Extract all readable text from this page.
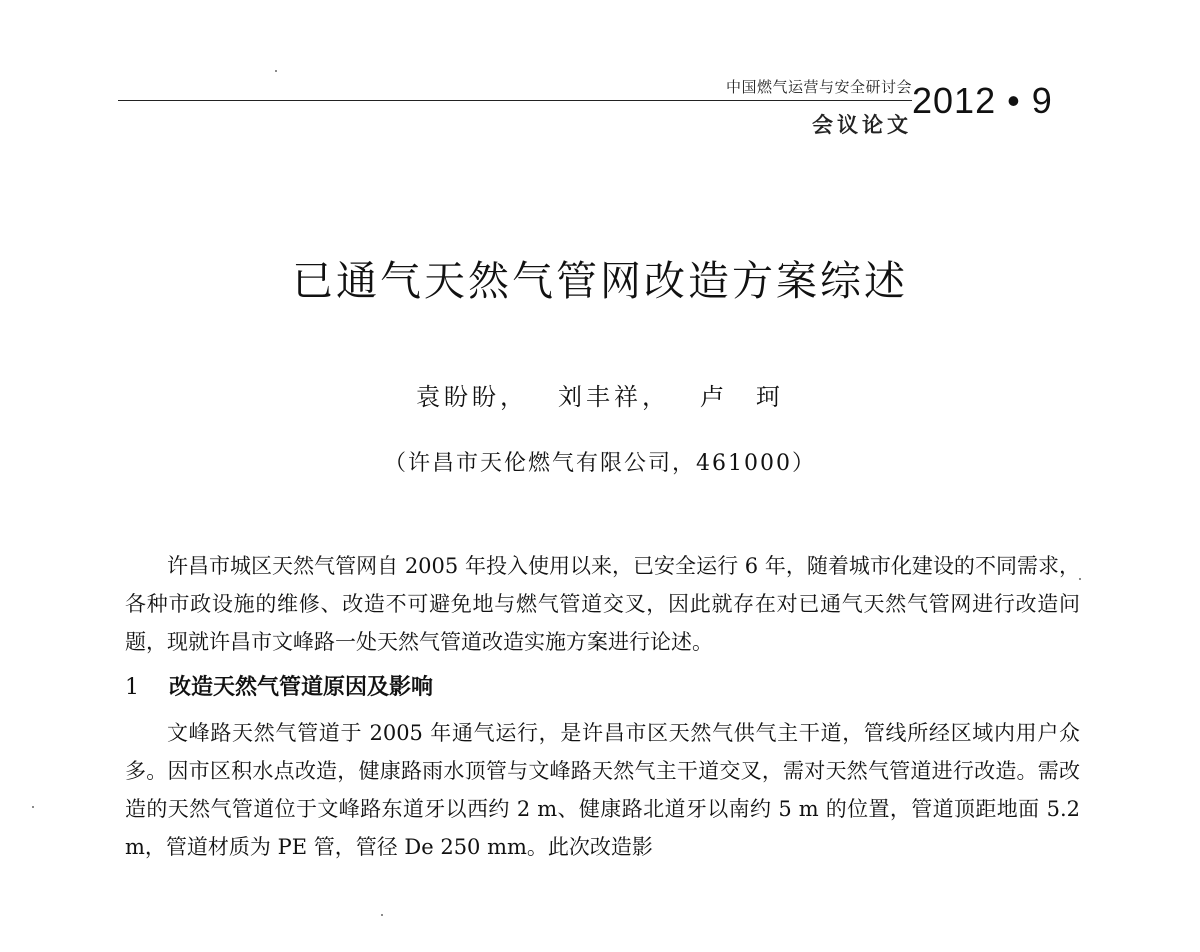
中国燃气运营与安全研讨会
会议论文
2012 • 9
已通气天然气管网改造方案综述
袁盼盼， 刘丰祥， 卢　珂
（许昌市天伦燃气有限公司，461000）

许昌市城区天然气管网自 2005 年投入使用以来，已安全运行 6 年，随着城市化建设的不同需求，各种市政设施的维修、改造不可避免地与燃气管道交叉，因此就存在对已通气天然气管网进行改造问题，现就许昌市文峰路一处天然气管道改造实施方案进行论述。

1 改造天然气管道原因及影响

文峰路天然气管道于 2005 年通气运行，是许昌市区天然气供气主干道，管线所经区域内用户众多。因市区积水点改造，健康路雨水顶管与文峰路天然气主干道交叉，需对天然气管道进行改造。需改造的天然气管道位于文峰路东道牙以西约 2 m、健康路北道牙以南约 5 m 的位置，管道顶距地面 5.2 m，管道材质为 PE 管，管径 De 250 mm。此次改造影
